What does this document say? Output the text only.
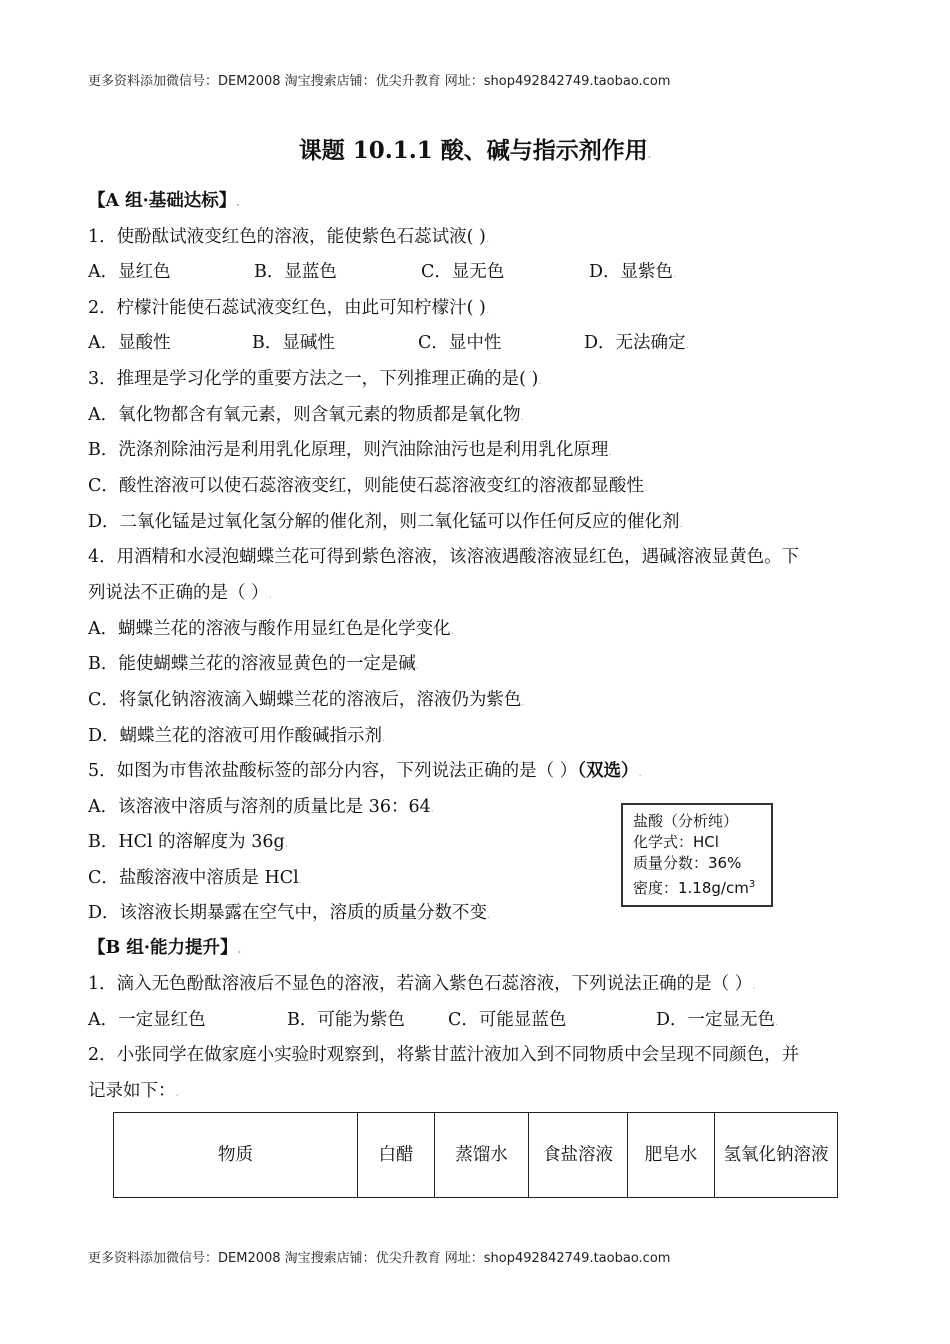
更多资料添加微信号：DEM2008 淘宝搜索店铺：优尖升教育 网址：shop492842749.taobao.com
课题 10.1.1 酸、碱与指示剂作用.
【A 组·基础达标】.
1．使酚酞试液变红色的溶液，能使紫色石蕊试液( ).
A．显红色	B．显蓝色	C．显无色	D．显紫色.
2．柠檬汁能使石蕊试液变红色，由此可知柠檬汁( ).
A．显酸性	B．显碱性	C．显中性	D．无法确定.
3．推理是学习化学的重要方法之一，下列推理正确的是( ).
A．氧化物都含有氧元素，则含氧元素的物质都是氧化物.
B．洗涤剂除油污是利用乳化原理，则汽油除油污也是利用乳化原理.
C．酸性溶液可以使石蕊溶液变红，则能使石蕊溶液变红的溶液都显酸性.
D．二氧化锰是过氧化氢分解的催化剂，则二氧化锰可以作任何反应的催化剂.
4．用酒精和水浸泡蝴蝶兰花可得到紫色溶液，该溶液遇酸溶液显红色，遇碱溶液显黄色。下
列说法不正确的是（ ）.
A．蝴蝶兰花的溶液与酸作用显红色是化学变化.
B．能使蝴蝶兰花的溶液显黄色的一定是碱.
C．将氯化钠溶液滴入蝴蝶兰花的溶液后，溶液仍为紫色.
D．蝴蝶兰花的溶液可用作酸碱指示剂.
5．如图为市售浓盐酸标签的部分内容，下列说法正确的是（ ）（双选）.
A．该溶液中溶质与溶剂的质量比是 36：64.
B．HCl 的溶解度为 36g.
C．盐酸溶液中溶质是 HCl.
D．该溶液长期暴露在空气中，溶质的质量分数不变.
盐酸（分析纯）
化学式：HCl
质量分数：36%
密度：$1.18g/cm^3$
【B 组·能力提升】.
1．滴入无色酚酞溶液后不显色的溶液，若滴入紫色石蕊溶液，下列说法正确的是（ ）.
A．一定显红色	B．可能为紫色 C．可能显蓝色	D．一定显无色.
2．小张同学在做家庭小实验时观察到，将紫甘蓝汁液加入到不同物质中会呈现不同颜色，并
记录如下：.
物质	白醋	蒸馏水	食盐溶液	肥皂水	氢氧化钠溶液
更多资料添加微信号：DEM2008 淘宝搜索店铺：优尖升教育 网址：shop492842749.taobao.com
